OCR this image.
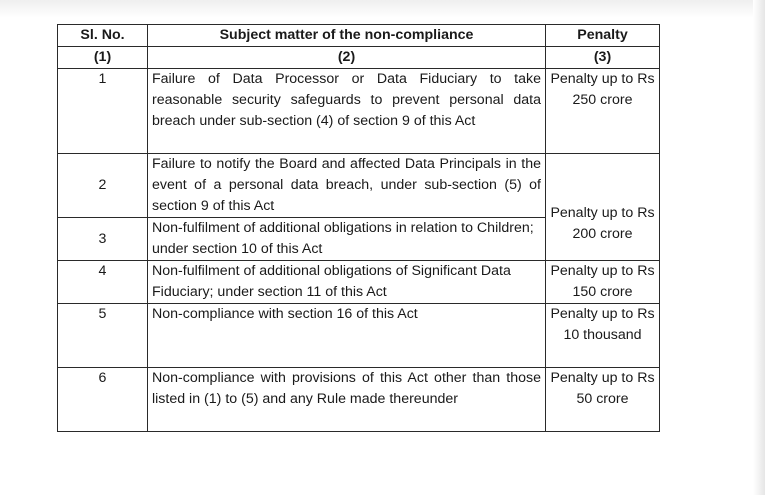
Sl. No.	Subject matter of the non-compliance	Penalty
(1)	(2)	(3)
1	Failure of Data Processor or Data Fiduciary to take reasonable security safeguards to prevent personal data breach under sub-section (4) of section 9 of this Act	Penalty up to Rs 250 crore
2	Failure to notify the Board and affected Data Principals in the event of a personal data breach, under sub-section (5) of section 9 of this Act	Penalty up to Rs 200 crore
3	Non-fulfilment of additional obligations in relation to Children; under section 10 of this Act	
4	Non-fulfilment of additional obligations of Significant Data Fiduciary; under section 11 of this Act	Penalty up to Rs 150 crore
5	Non-compliance with section 16 of this Act	Penalty up to Rs 10 thousand
6	Non-compliance with provisions of this Act other than those listed in (1) to (5) and any Rule made thereunder	Penalty up to Rs 50 crore
